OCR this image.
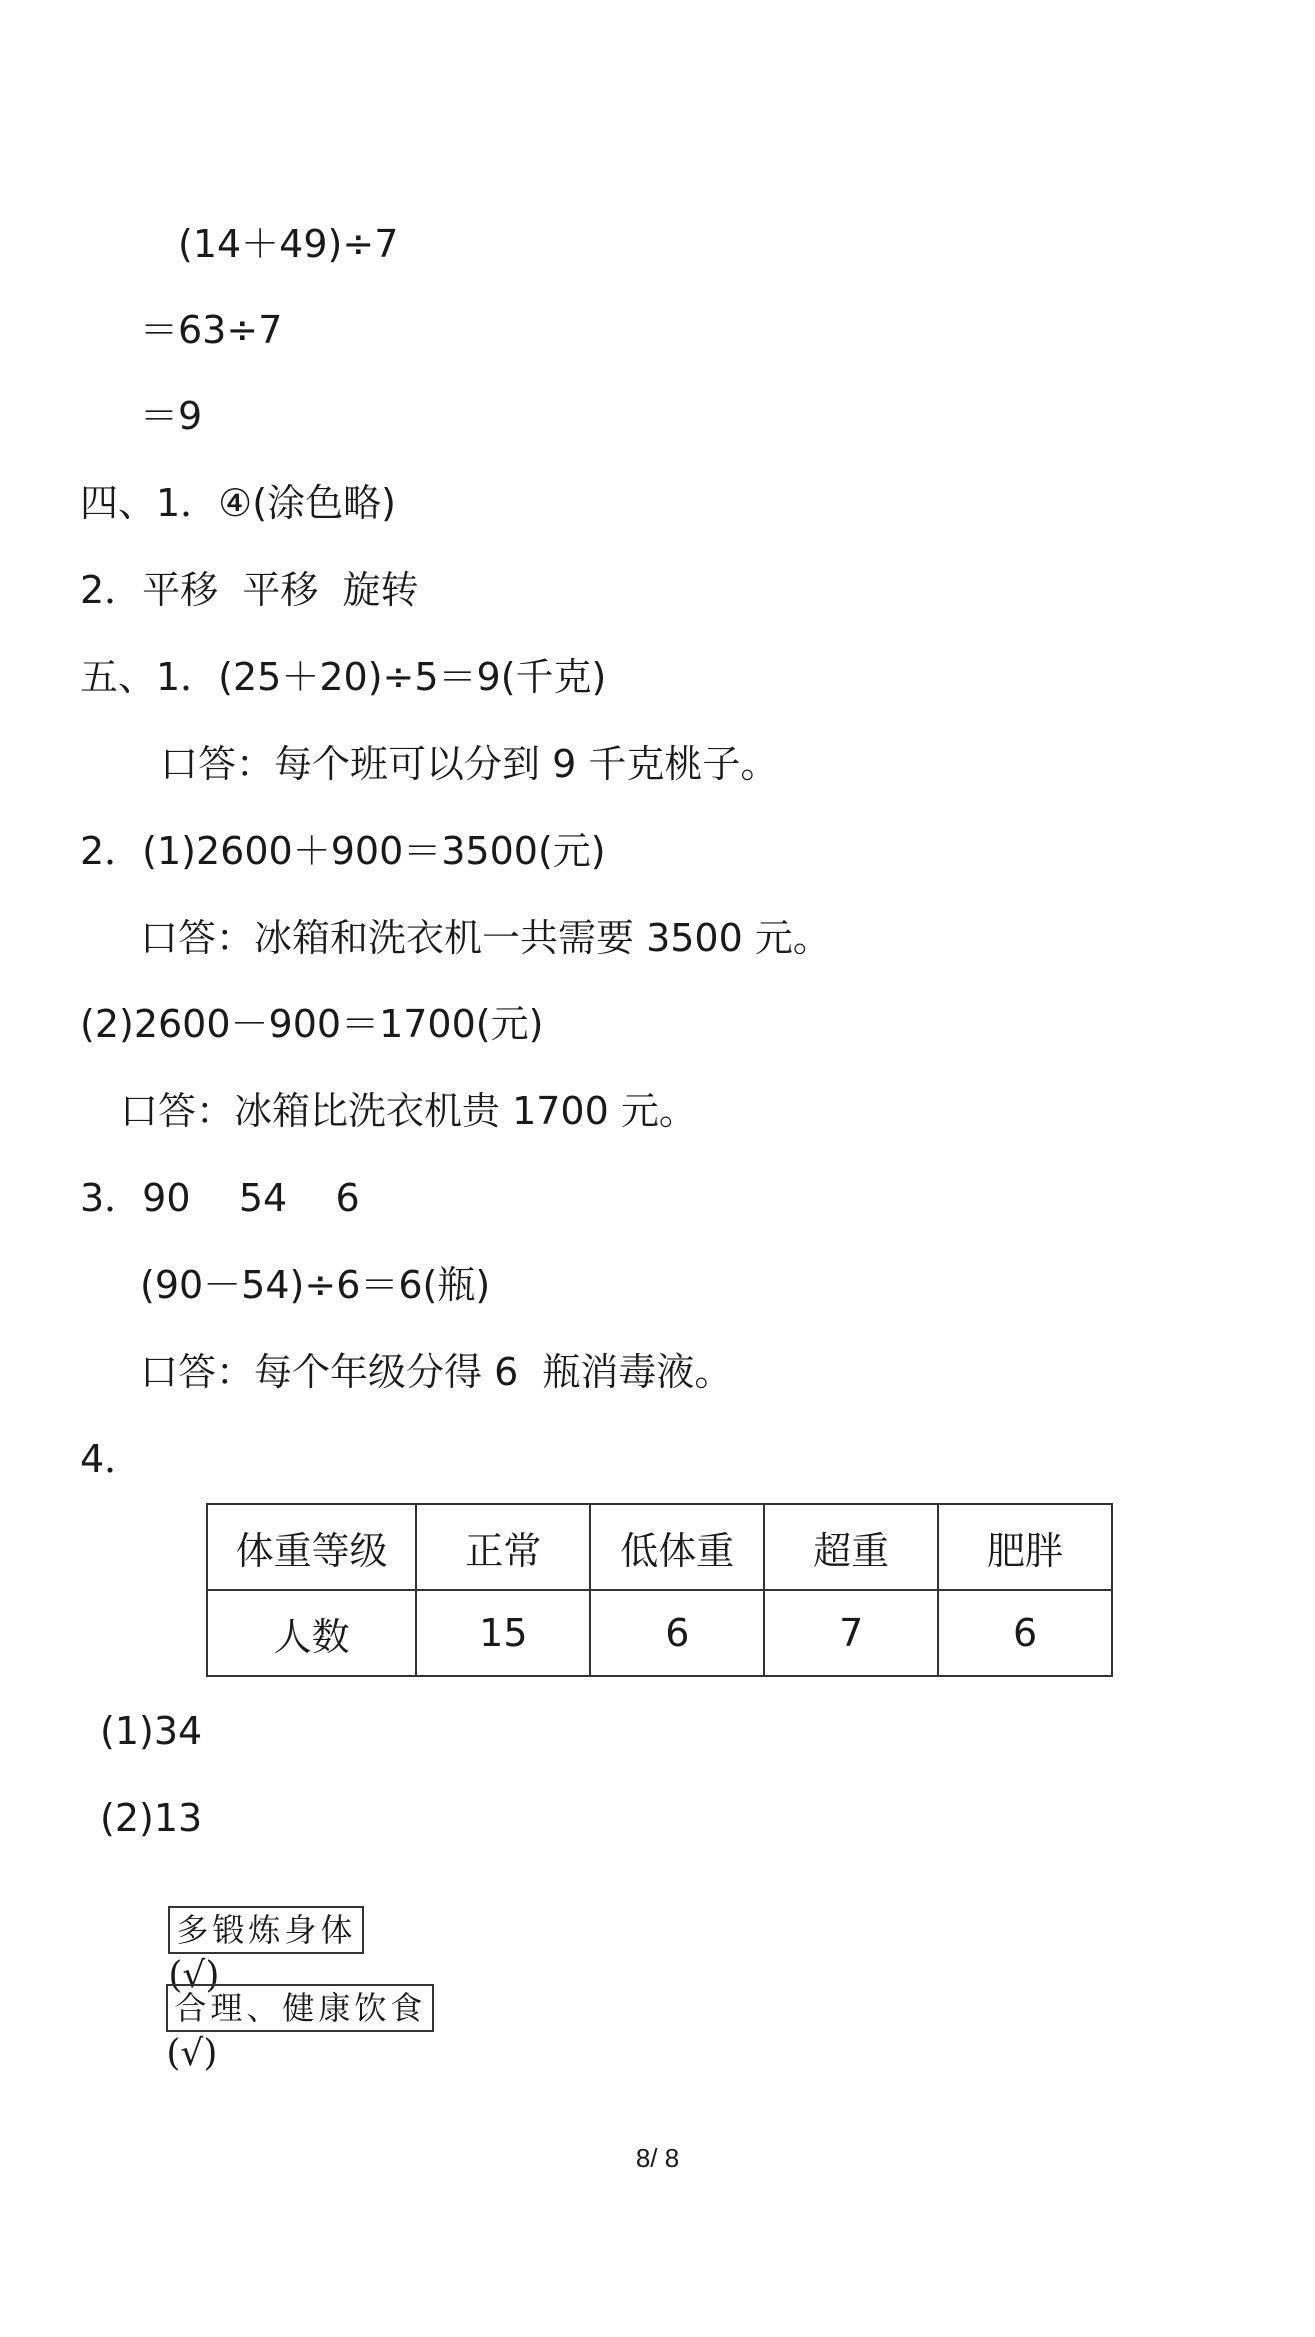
(14＋49)÷7
＝63÷7
＝9
四、1．④(涂色略)
2．平移  平移  旋转
五、1．(25＋20)÷5＝9(千克)
口答：每个班可以分到 9 千克桃子。
2．(1)2600＋900＝3500(元)
口答：冰箱和洗衣机一共需要 3500 元。
(2)2600－900＝1700(元)
口答：冰箱比洗衣机贵 1700 元。
3．90    54    6
(90－54)÷6＝6(瓶)
口答：每个年级分得 6  瓶消毒液。
4．
体重等级	正常	低体重	超重	肥胖
人数	15	6	7	6
(1)34
(2)13

多锻炼身体
(√)

合理、健康饮食
(√)

8/ 8
